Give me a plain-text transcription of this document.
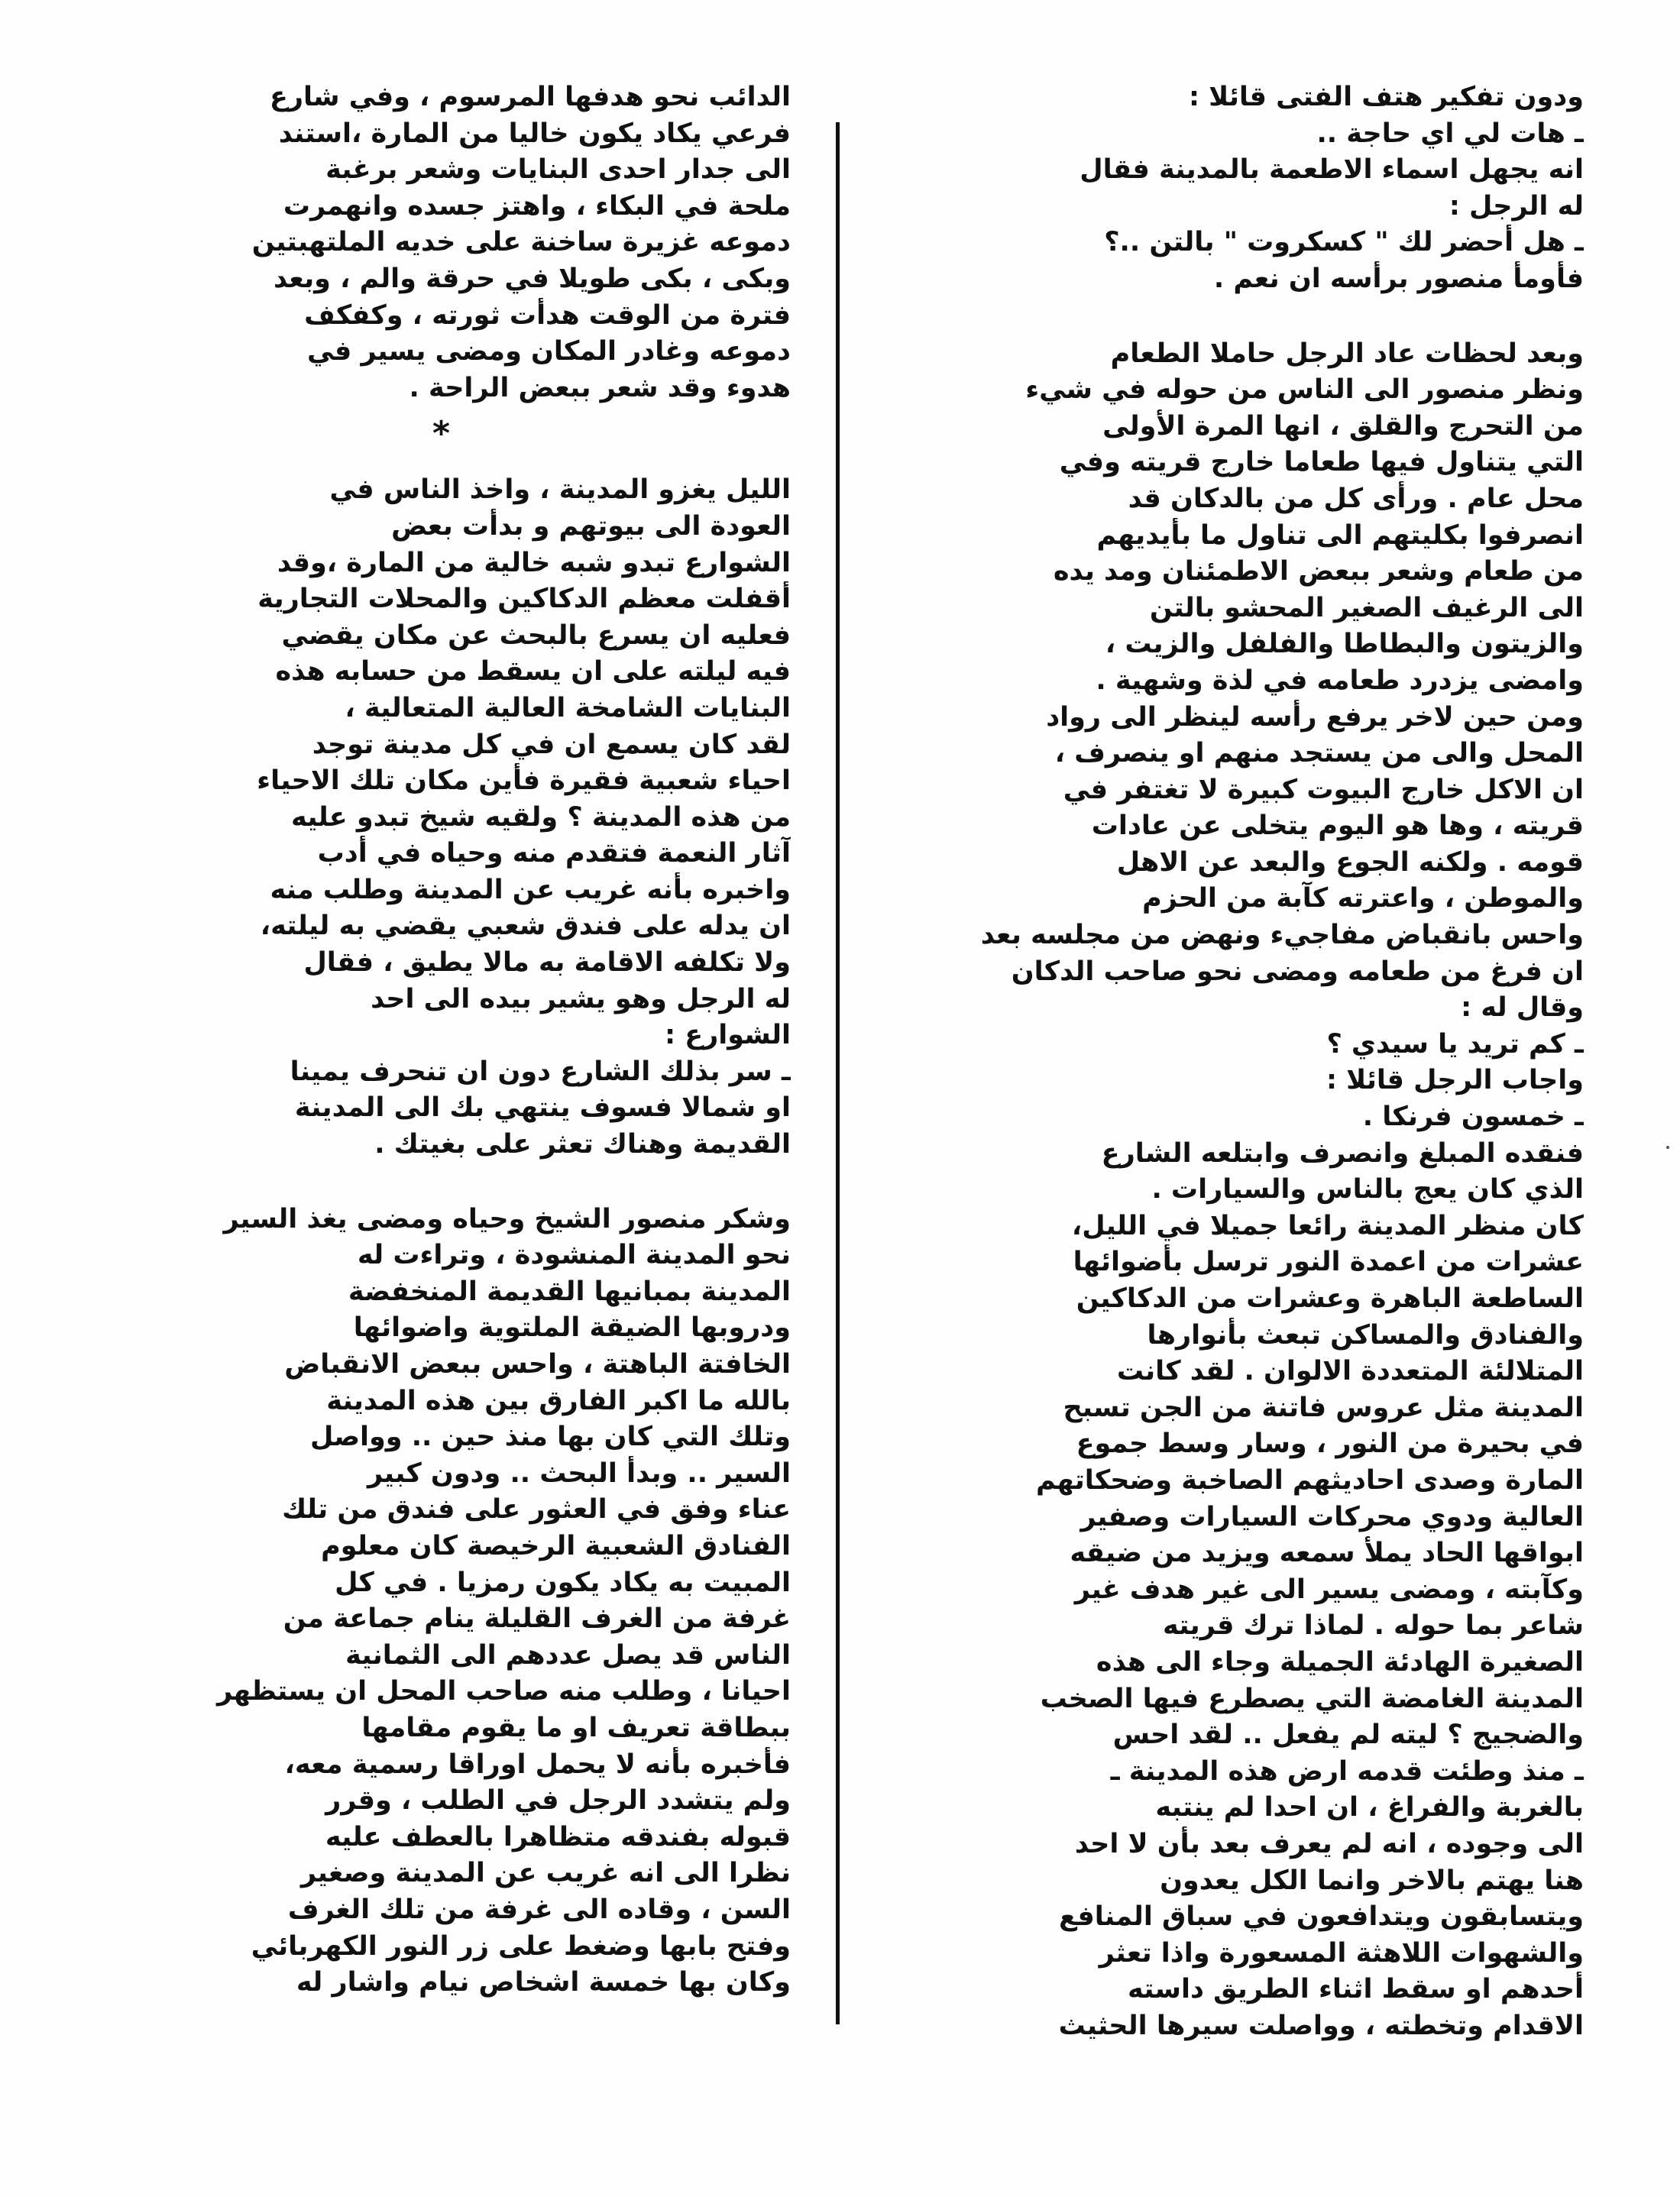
ودون تفكير هتف الفتى قائلا :
ـ هات لي اي حاجة ..
انه يجهل اسماء الاطعمة بالمدينة فقال
له الرجل :
ـ هل أحضر لك " كسكروت " بالتن ..؟
فأومأ منصور برأسه ان نعم .
وبعد لحظات عاد الرجل حاملا الطعام
ونظر منصور الى الناس من حوله في شيء
من التحرج والقلق ، انها المرة الأولى
التي يتناول فيها طعاما خارج قريته وفي
محل عام . ورأى كل من بالدكان قد
انصرفوا بكليتهم الى تناول ما بأيديهم
من طعام وشعر ببعض الاطمئنان ومد يده
الى الرغيف الصغير المحشو بالتن
والزيتون والبطاطا والفلفل والزيت ،
وامضى يزدرد طعامه في لذة وشهية .
ومن حين لاخر يرفع رأسه لينظر الى رواد
المحل والى من يستجد منهم او ينصرف ،
ان الاكل خارج البيوت كبيرة لا تغتفر في
قريته ، وها هو اليوم يتخلى عن عادات
قومه . ولكنه الجوع والبعد عن الاهل
والموطن ، واعترته كآبة من الحزم
واحس بانقباض مفاجيء ونهض من مجلسه بعد
ان فرغ من طعامه ومضى نحو صاحب الدكان
وقال له :
ـ كم تريد يا سيدي ؟
واجاب الرجل قائلا :
ـ خمسون فرنكا .
فنقده المبلغ وانصرف وابتلعه الشارع
الذي كان يعج بالناس والسيارات .
كان منظر المدينة رائعا جميلا في الليل،
عشرات من اعمدة النور ترسل بأضوائها
الساطعة الباهرة وعشرات من الدكاكين
والفنادق والمساكن تبعث بأنوارها
المتلالئة المتعددة الالوان . لقد كانت
المدينة مثل عروس فاتنة من الجن تسبح
في بحيرة من النور ، وسار وسط جموع
المارة وصدى احاديثهم الصاخبة وضحكاتهم
العالية ودوي محركات السيارات وصفير
ابواقها الحاد يملأ سمعه ويزيد من ضيقه
وكآبته ، ومضى يسير الى غير هدف غير
شاعر بما حوله . لماذا ترك قريته
الصغيرة الهادئة الجميلة وجاء الى هذه
المدينة الغامضة التي يصطرع فيها الصخب
والضجيج ؟ ليته لم يفعل .. لقد احس
ـ منذ وطئت قدمه ارض هذه المدينة ـ
بالغربة والفراغ ، ان احدا لم ينتبه
الى وجوده ، انه لم يعرف بعد بأن لا احد
هنا يهتم بالاخر وانما الكل يعدون
ويتسابقون ويتدافعون في سباق المنافع
والشهوات اللاهثة المسعورة واذا تعثر
أحدهم او سقط اثناء الطريق داسته
الاقدام وتخطته ، وواصلت سيرها الحثيث
الدائب نحو هدفها المرسوم ، وفي شارع
فرعي يكاد يكون خاليا من المارة ،استند
الى جدار احدى البنايات وشعر برغبة
ملحة في البكاء ، واهتز جسده وانهمرت
دموعه غزيرة ساخنة على خديه الملتهبتين
وبكى ، بكى طويلا في حرقة والم ، وبعد
فترة من الوقت هدأت ثورته ، وكفكف
دموعه وغادر المكان ومضى يسير في
هدوء وقد شعر ببعض الراحة .
*
الليل يغزو المدينة ، واخذ الناس في
العودة الى بيوتهم و بدأت بعض
الشوارع تبدو شبه خالية من المارة ،وقد
أقفلت معظم الدكاكين والمحلات التجارية
فعليه ان يسرع بالبحث عن مكان يقضي
فيه ليلته على ان يسقط من حسابه هذه
البنايات الشامخة العالية المتعالية ،
لقد كان يسمع ان في كل مدينة توجد
احياء شعبية فقيرة فأين مكان تلك الاحياء
من هذه المدينة ؟ ولقيه شيخ تبدو عليه
آثار النعمة فتقدم منه وحياه في أدب
واخبره بأنه غريب عن المدينة وطلب منه
ان يدله على فندق شعبي يقضي به ليلته،
ولا تكلفه الاقامة به مالا يطيق ، فقال
له الرجل وهو يشير بيده الى احد
الشوارع :
ـ سر بذلك الشارع دون ان تنحرف يمينا
او شمالا فسوف ينتهي بك الى المدينة
القديمة وهناك تعثر على بغيتك .
وشكر منصور الشيخ وحياه ومضى يغذ السير
نحو المدينة المنشودة ، وتراءت له
المدينة بمبانيها القديمة المنخفضة
ودروبها الضيقة الملتوية واضوائها
الخافتة الباهتة ، واحس ببعض الانقباض
بالله ما اكبر الفارق بين هذه المدينة
وتلك التي كان بها منذ حين .. وواصل
السير .. وبدأ البحث .. ودون كبير
عناء وفق في العثور على فندق من تلك
الفنادق الشعبية الرخيصة كان معلوم
المبيت به يكاد يكون رمزيا . في كل
غرفة من الغرف القليلة ينام جماعة من
الناس قد يصل عددهم الى الثمانية
احيانا ، وطلب منه صاحب المحل ان يستظهر
ببطاقة تعريف او ما يقوم مقامها
فأخبره بأنه لا يحمل اوراقا رسمية معه،
ولم يتشدد الرجل في الطلب ، وقرر
قبوله بفندقه متظاهرا بالعطف عليه
نظرا الى انه غريب عن المدينة وصغير
السن ، وقاده الى غرفة من تلك الغرف
وفتح بابها وضغط على زر النور الكهربائي
وكان بها خمسة اشخاص نيام واشار له
